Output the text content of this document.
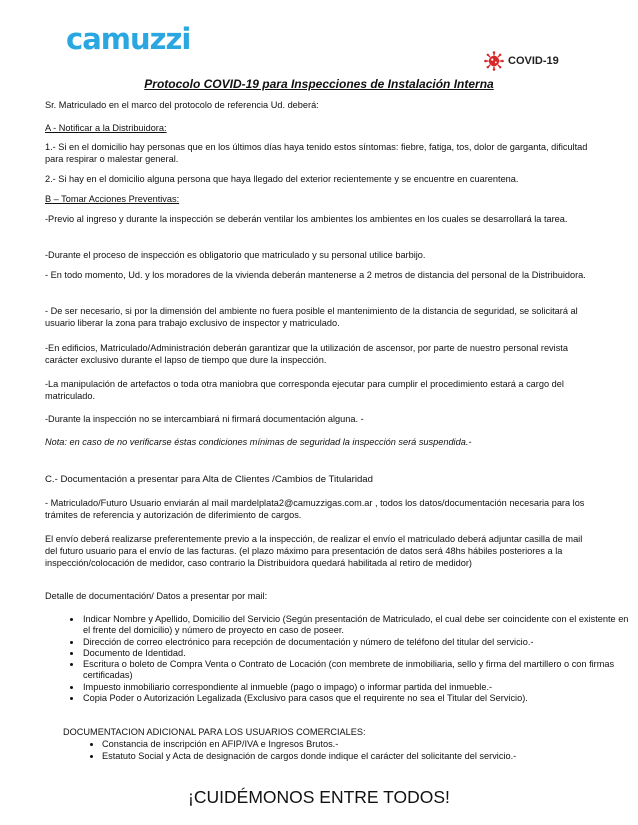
camuzzi
COVID-19
Protocolo COVID-19 para Inspecciones de Instalación Interna
Sr. Matriculado en el marco del protocolo de referencia Ud. deberá:
A - Notificar a la Distribuidora:
1.- Si en el domicilio hay personas que en los últimos días haya tenido estos síntomas: fiebre, fatiga, tos, dolor de garganta, dificultad para respirar o malestar general.
2.- Si hay en el domicilio alguna persona que haya llegado del exterior recientemente y se encuentre en cuarentena.
B – Tomar Acciones Preventivas:
-Previo al ingreso y durante la inspección se deberán ventilar los ambientes los ambientes en los cuales se desarrollará la tarea.
-Durante el proceso de inspección es obligatorio que matriculado y su personal utilice barbijo.
- En todo momento, Ud. y los moradores de la vivienda deberán mantenerse a 2 metros de distancia del personal de la Distribuidora.
- De ser necesario, si por la dimensión del ambiente no fuera posible el mantenimiento de la distancia de seguridad, se solicitará al usuario liberar la zona para trabajo exclusivo de inspector y matriculado.
-En edificios, Matriculado/Administración deberán garantizar que la utilización de ascensor, por parte de nuestro personal revista carácter exclusivo durante el lapso de tiempo que dure la inspección.
-La manipulación de artefactos o toda otra maniobra que corresponda ejecutar para cumplir el procedimiento estará a cargo del matriculado.
-Durante la inspección no se intercambiará ni firmará documentación alguna. -
Nota: en caso de no verificarse éstas condiciones mínimas de seguridad la inspección será suspendida.-
C.- Documentación a presentar para Alta de Clientes /Cambios de Titularidad
- Matriculado/Futuro Usuario enviarán al mail mardelplata2@camuzzigas.com.ar , todos los datos/documentación necesaria para los trámites de referencia y autorización de diferimiento de cargos.
El envío deberá realizarse preferentemente previo a la inspección, de realizar el envío el matriculado deberá adjuntar casilla de mail del futuro usuario para el envío de las facturas. (el plazo máximo para presentación de datos será 48hs hábiles posteriores a la inspección/colocación de medidor, caso contrario la Distribuidora quedará habilitada al retiro de medidor)
Detalle de documentación/ Datos a presentar por mail:
• Indicar Nombre y Apellido, Domicilio del Servicio (Según presentación de Matriculado, el cual debe ser coincidente con el existente en el frente del domicilio) y número de proyecto en caso de poseer.
• Dirección de correo electrónico para recepción de documentación y número de teléfono del titular del servicio.-
• Documento de Identidad.
• Escritura o boleto de Compra Venta o Contrato de Locación (con membrete de inmobiliaria, sello y firma del martillero o con firmas certificadas)
• Impuesto inmobiliario correspondiente al inmueble (pago o impago) o informar partida del inmueble.-
• Copia Poder o Autorización Legalizada (Exclusivo para casos que el requirente no sea el Titular del Servicio).
DOCUMENTACION ADICIONAL PARA LOS USUARIOS COMERCIALES:
• Constancia de inscripción en AFIP/IVA e Ingresos Brutos.-
• Estatuto Social y Acta de designación de cargos donde indique el carácter del solicitante del servicio.-
¡CUIDÉMONOS ENTRE TODOS!
